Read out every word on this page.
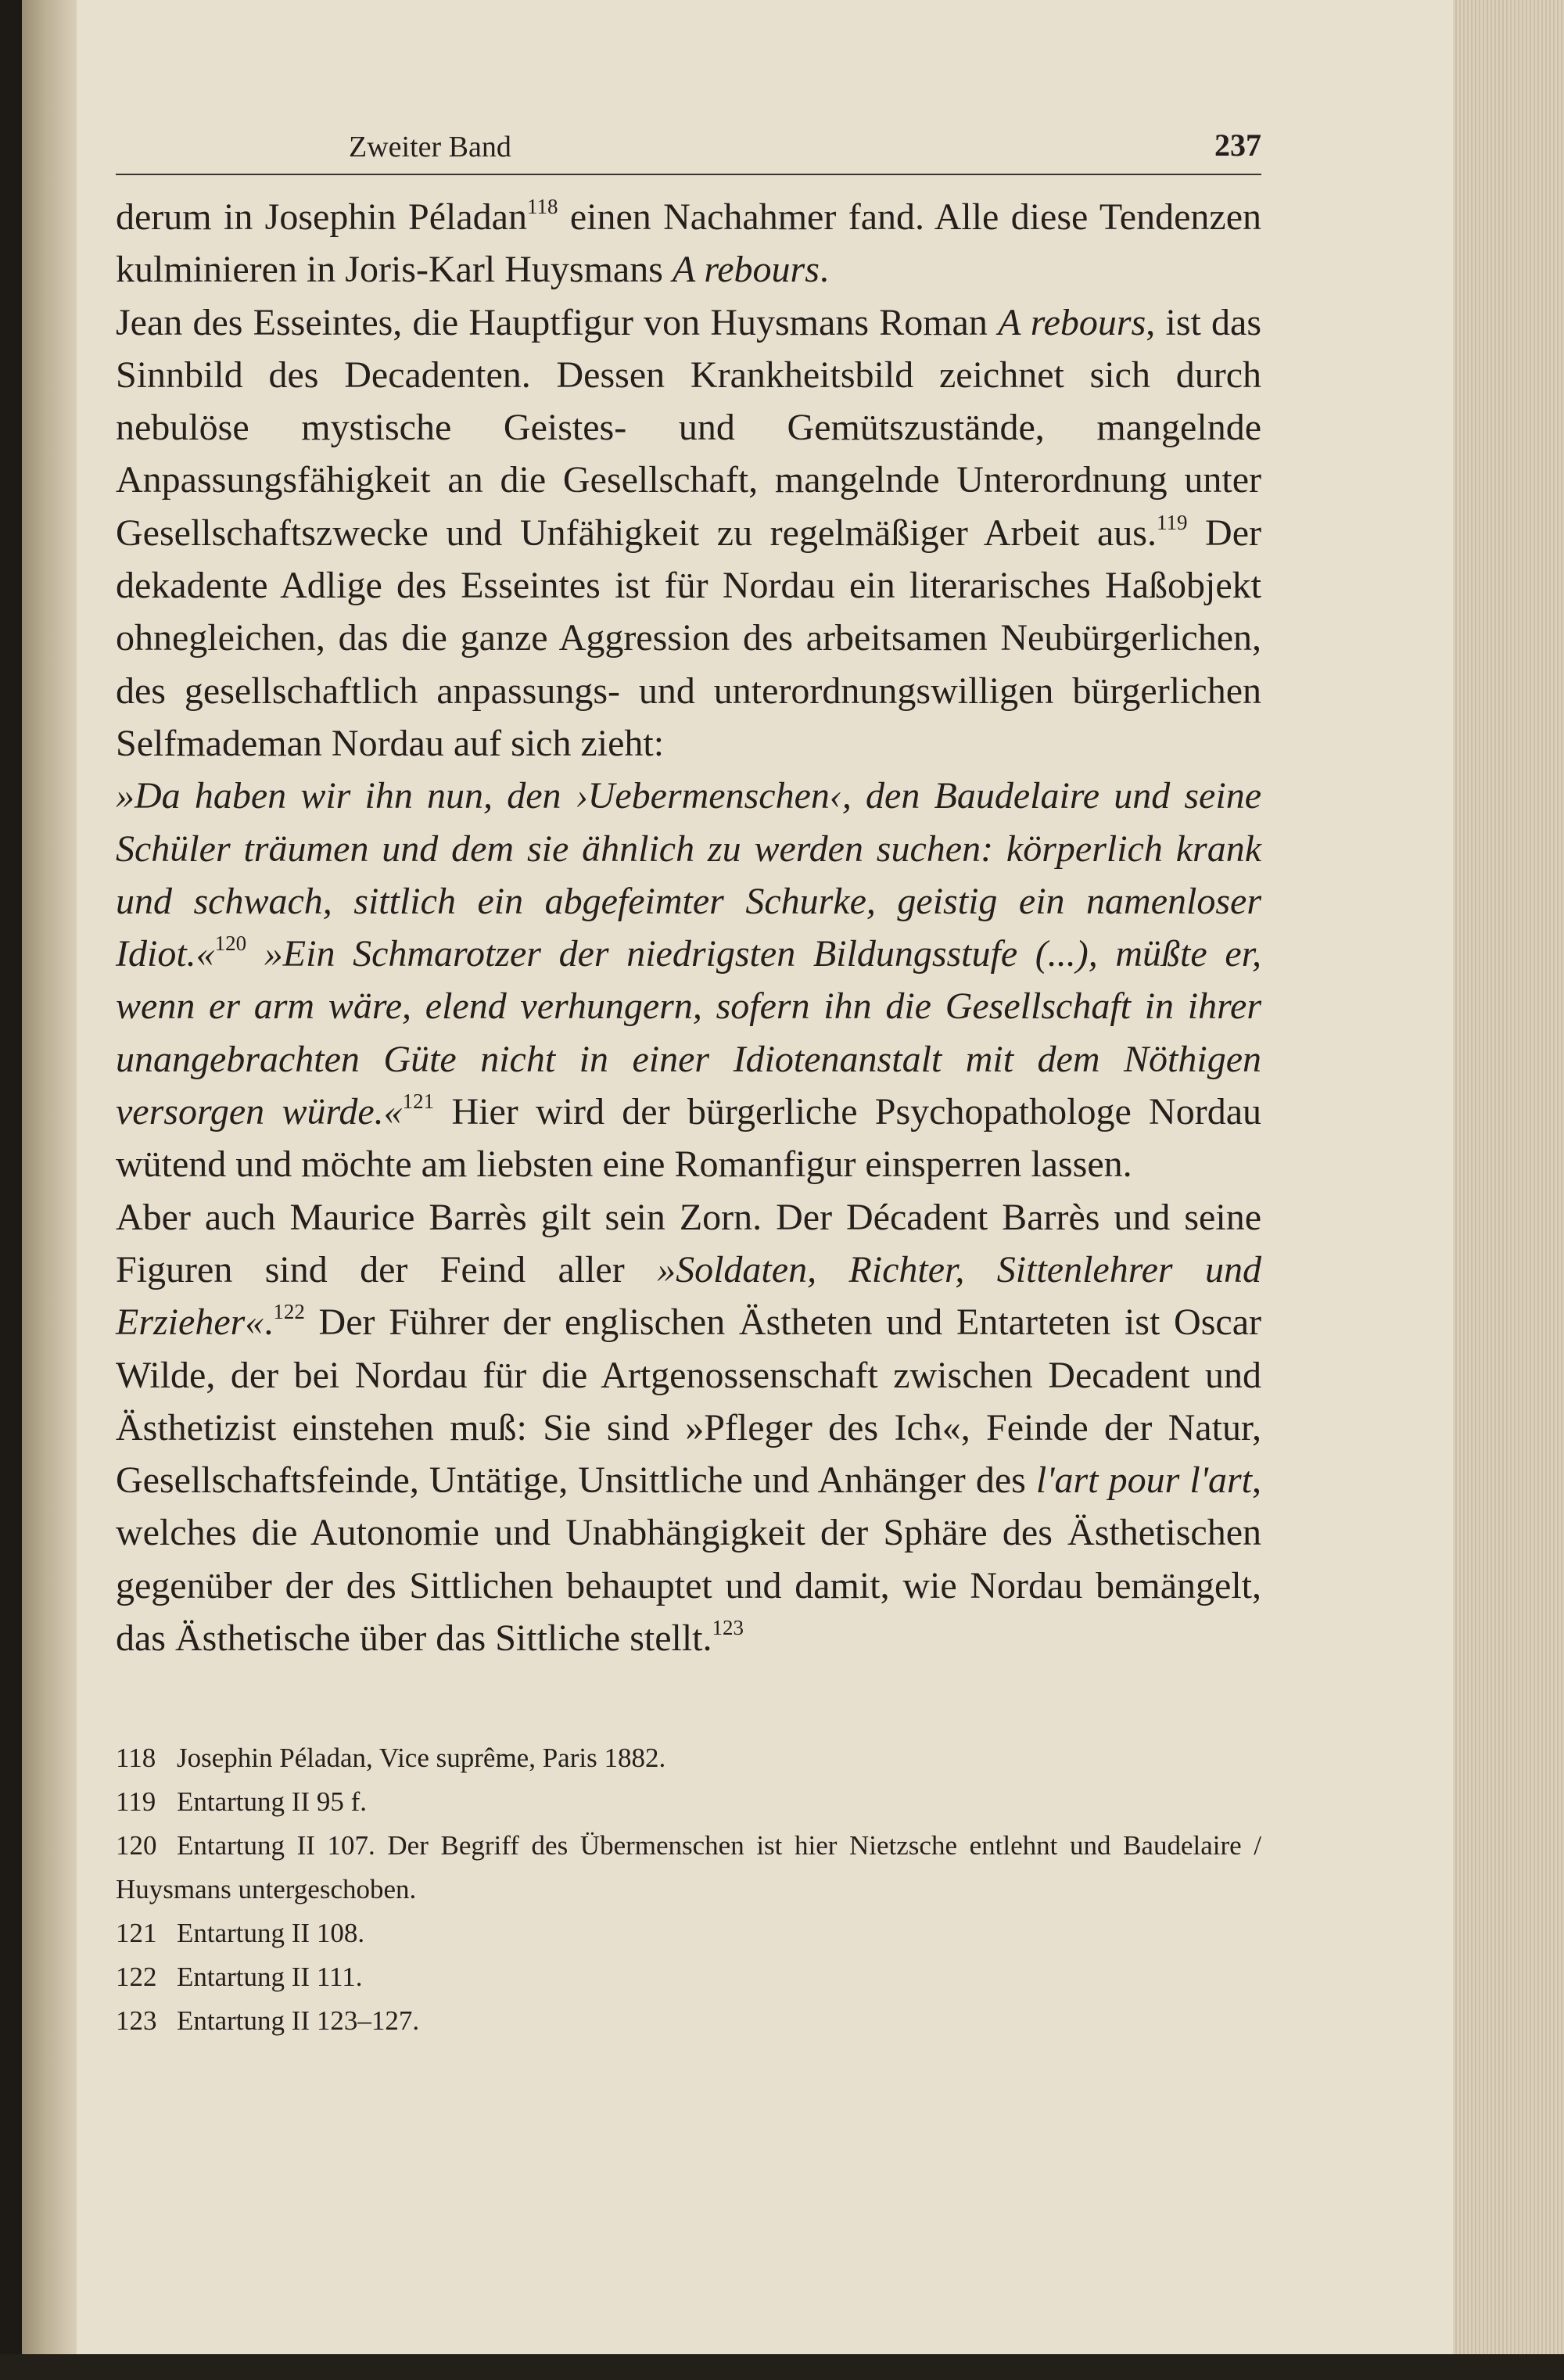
Zweiter Band	237

derum in Josephin Péladan$^{118}$ einen Nachahmer fand. Alle diese Tendenzen kulminieren in Joris-Karl Huysmans A rebours.

Jean des Esseintes, die Hauptfigur von Huysmans Roman A rebours, ist das Sinnbild des Decadenten. Dessen Krankheitsbild zeichnet sich durch nebulöse mystische Geistes- und Gemütszustände, mangelnde Anpassungsfähigkeit an die Gesellschaft, mangelnde Unterordnung unter Gesellschaftszwecke und Unfähigkeit zu regelmäßiger Arbeit aus.$^{119}$ Der dekadente Adlige des Esseintes ist für Nordau ein literarisches Haßobjekt ohnegleichen, das die ganze Aggression des arbeitsamen Neubürgerlichen, des gesellschaftlich anpassungs- und unterordnungswilligen bürgerlichen Selfmademan Nordau auf sich zieht:

»Da haben wir ihn nun, den ›Uebermenschen‹, den Baudelaire und seine Schüler träumen und dem sie ähnlich zu werden suchen: körperlich krank und schwach, sittlich ein abgefeimter Schurke, geistig ein namenloser Idiot.«$^{120}$ »Ein Schmarotzer der niedrigsten Bildungsstufe (...), müßte er, wenn er arm wäre, elend verhungern, sofern ihn die Gesellschaft in ihrer unangebrachten Güte nicht in einer Idiotenanstalt mit dem Nöthigen versorgen würde.«$^{121}$ Hier wird der bürgerliche Psychopathologe Nordau wütend und möchte am liebsten eine Romanfigur einsperren lassen.

Aber auch Maurice Barrès gilt sein Zorn. Der Décadent Barrès und seine Figuren sind der Feind aller »Soldaten, Richter, Sittenlehrer und Erzieher«.$^{122}$ Der Führer der englischen Ästheten und Entarteten ist Oscar Wilde, der bei Nordau für die Artgenossenschaft zwischen Decadent und Ästhetizist einstehen muß: Sie sind »Pfleger des Ich«, Feinde der Natur, Gesellschaftsfeinde, Untätige, Unsittliche und Anhänger des l'art pour l'art, welches die Autonomie und Unabhängigkeit der Sphäre des Ästhetischen gegenüber der des Sittlichen behauptet und damit, wie Nordau bemängelt, das Ästhetische über das Sittliche stellt.$^{123}$

118 Josephin Péladan, Vice suprême, Paris 1882.
119 Entartung II 95 f.
120 Entartung II 107. Der Begriff des Übermenschen ist hier Nietzsche entlehnt und Baudelaire / Huysmans untergeschoben.
121 Entartung II 108.
122 Entartung II 111.
123 Entartung II 123–127.
